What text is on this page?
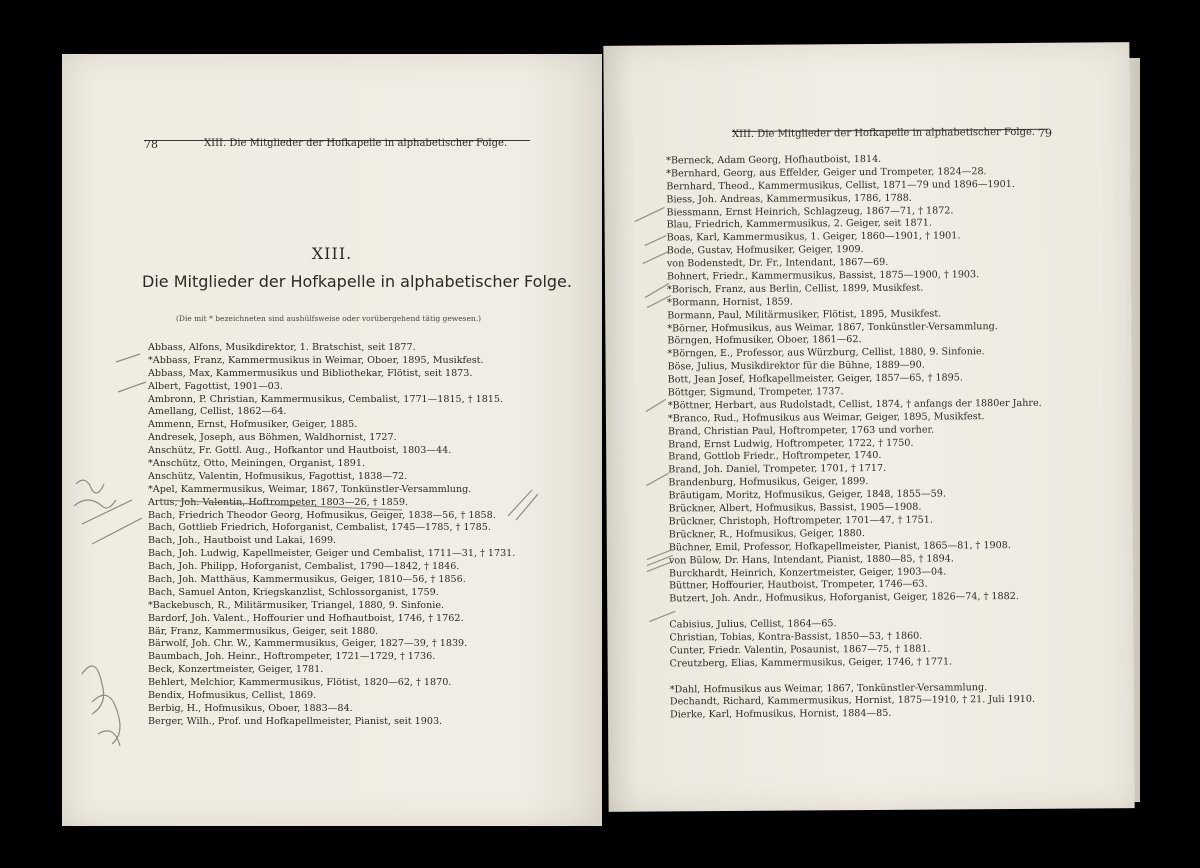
78	XIII. Die Mitglieder der Hofkapelle in alphabetischer Folge.
XIII.
Die Mitglieder der Hofkapelle in alphabetischer Folge.
(Die mit * bezeichneten sind aushülfsweise oder vorübergehend tätig gewesen.)
Abbass, Alfons, Musikdirektor, 1. Bratschist, seit 1877.
*Abbass, Franz, Kammermusikus in Weimar, Oboer, 1895, Musikfest.
Abbass, Max, Kammermusikus und Bibliothekar, Flötist, seit 1873.
Albert, Fagottist, 1901—03.
Ambronn, P. Christian, Kammermusikus, Cembalist, 1771—1815, † 1815.
Amellang, Cellist, 1862—64.
Ammenn, Ernst, Hofmusiker, Geiger, 1885.
Andresek, Joseph, aus Böhmen, Waldhornist, 1727.
Anschütz, Fr. Gottl. Aug., Hofkantor und Hautboist, 1803—44.
*Anschütz, Otto, Meiningen, Organist, 1891.
Anschütz, Valentin, Hofmusikus, Fagottist, 1838—72.
*Apel, Kammermusikus, Weimar, 1867, Tonkünstler-Versammlung.
Artus, Joh. Valentin, Hoftrompeter, 1803—26, † 1859.
Bach, Friedrich Theodor Georg, Hofmusikus, Geiger, 1838—56, † 1858.
Bach, Gottlieb Friedrich, Hoforganist, Cembalist, 1745—1785, † 1785.
Bach, Joh., Hautboist und Lakai, 1699.
Bach, Joh. Ludwig, Kapellmeister, Geiger und Cembalist, 1711—31, † 1731.
Bach, Joh. Philipp, Hoforganist, Cembalist, 1790—1842, † 1846.
Bach, Joh. Matthäus, Kammermusikus, Geiger, 1810—56, † 1856.
Bach, Samuel Anton, Kriegskanzlist, Schlossorganist, 1759.
*Backebusch, R., Militärmusiker, Triangel, 1880, 9. Sinfonie.
Bardorf, Joh. Valent., Hoffourier und Hofhautboist, 1746, † 1762.
Bär, Franz, Kammermusikus, Geiger, seit 1880.
Bärwolf, Joh. Chr. W., Kammermusikus, Geiger, 1827—39, † 1839.
Baumbach, Joh. Heinr., Hoftrompeter, 1721—1729, † 1736.
Beck, Konzertmeister, Geiger, 1781.
Behlert, Melchior, Kammermusikus, Flötist, 1820—62, † 1870.
Bendix, Hofmusikus, Cellist, 1869.
Berbig, H., Hofmusikus, Oboer, 1883—84.
Berger, Wilh., Prof. und Hofkapellmeister, Pianist, seit 1903.
XIII. Die Mitglieder der Hofkapelle in alphabetischer Folge. 79
*Berneck, Adam Georg, Hofhautboist, 1814.
*Bernhard, Georg, aus Effelder, Geiger und Trompeter, 1824—28.
Bernhard, Theod., Kammermusikus, Cellist, 1871—79 und 1896—1901.
Biess, Joh. Andreas, Kammermusikus, 1786, 1788.
Biessmann, Ernst Heinrich, Schlagzeug, 1867—71, † 1872.
Blau, Friedrich, Kammermusikus, 2. Geiger, seit 1871.
Boas, Karl, Kammermusikus, 1. Geiger, 1860—1901, † 1901.
Bode, Gustav, Hofmusiker, Geiger, 1909.
von Bodenstedt, Dr. Fr., Intendant, 1867—69.
Bohnert, Friedr., Kammermusikus, Bassist, 1875—1900, † 1903.
*Borisch, Franz, aus Berlin, Cellist, 1899, Musikfest.
*Bormann, Hornist, 1859.
Bormann, Paul, Militärmusiker, Flötist, 1895, Musikfest.
*Börner, Hofmusikus, aus Weimar, 1867, Tonkünstler-Versammlung.
Börngen, Hofmusiker, Oboer, 1861—62.
*Börngen, E., Professor, aus Würzburg, Cellist, 1880, 9. Sinfonie.
Böse, Julius, Musikdirektor für die Bühne, 1889—90.
Bott, Jean Josef, Hofkapellmeister, Geiger, 1857—65, † 1895.
Böttger, Sigmund, Trompeter, 1737.
*Böttner, Herbart, aus Rudolstadt, Cellist, 1874, † anfangs der 1880er Jahre.
*Branco, Rud., Hofmusikus aus Weimar, Geiger, 1895, Musikfest.
Brand, Christian Paul, Hoftrompeter, 1763 und vorher.
Brand, Ernst Ludwig, Hoftrompeter, 1722, † 1750.
Brand, Gottlob Friedr., Hoftrompeter, 1740.
Brand, Joh. Daniel, Trompeter, 1701, † 1717.
Brandenburg, Hofmusikus, Geiger, 1899.
Bräutigam, Moritz, Hofmusikus, Geiger, 1848, 1855—59.
Brückner, Albert, Hofmusikus, Bassist, 1905—1908.
Brückner, Christoph, Hoftrompeter, 1701—47, † 1751.
Brückner, R., Hofmusikus, Geiger, 1880.
Büchner, Emil, Professor, Hofkapellmeister, Pianist, 1865—81, † 1908.
von Bülow, Dr. Hans, Intendant, Pianist, 1880—85, † 1894.
Burckhardt, Heinrich, Konzertmeister, Geiger, 1903—04.
Büttner, Hoffourier, Hautboist, Trompeter, 1746—63.
Butzert, Joh. Andr., Hofmusikus, Hoforganist, Geiger, 1826—74, † 1882.
Cabisius, Julius, Cellist, 1864—65.
Christian, Tobias, Kontra-Bassist, 1850—53, † 1860.
Cunter, Friedr. Valentin, Posaunist, 1867—75, † 1881.
Creutzberg, Elias, Kammermusikus, Geiger, 1746, † 1771.
*Dahl, Hofmusikus aus Weimar, 1867, Tonkünstler-Versammlung.
Dechandt, Richard, Kammermusikus, Hornist, 1875—1910, † 21. Juli 1910.
Dierke, Karl, Hofmusikus, Hornist, 1884—85.
